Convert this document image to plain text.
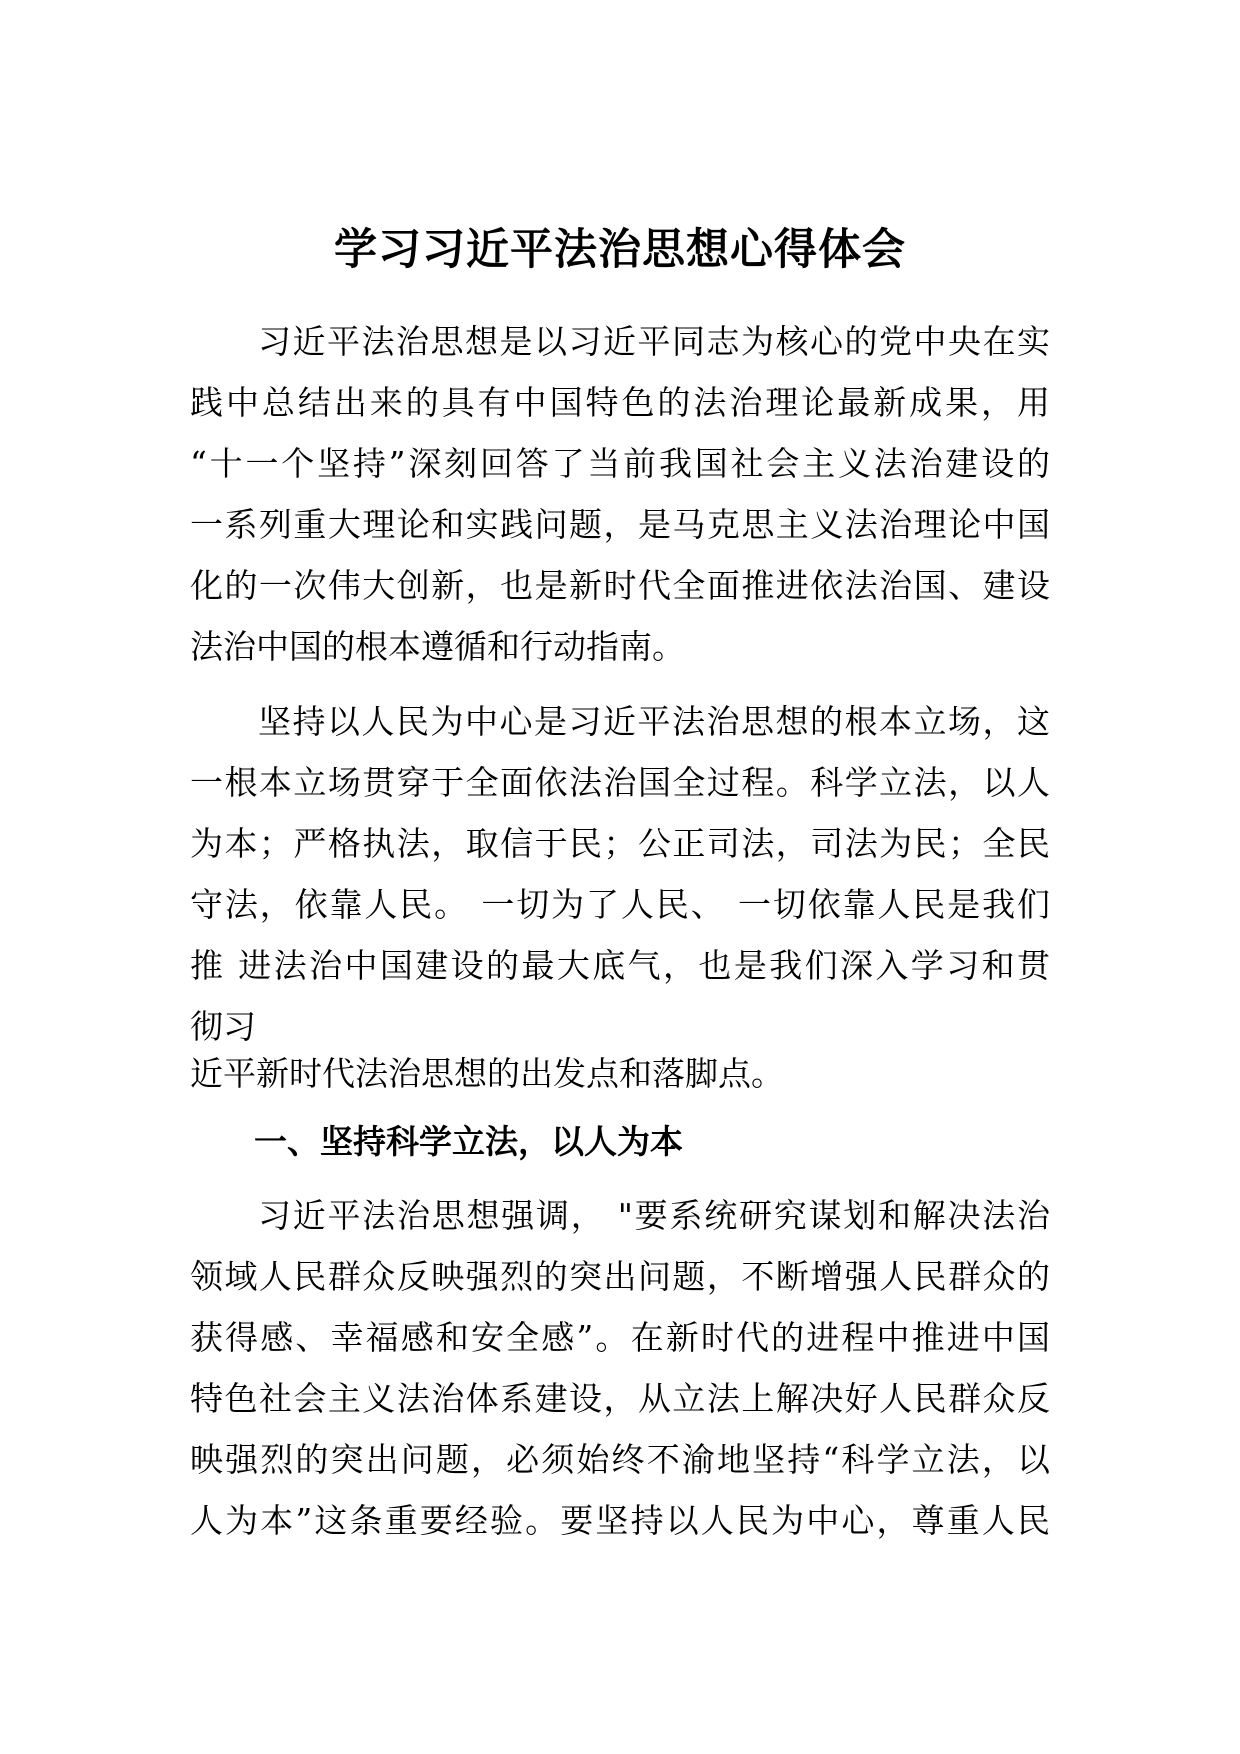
学习习近平法治思想心得体会
习近平法治思想是以习近平同志为核心的党中央在实
践中总结出来的具有中国特色的法治理论最新成果，用
“十一个坚持”深刻回答了当前我国社会主义法治建设的
一系列重大理论和实践问题，是马克思主义法治理论中国
化的一次伟大创新，也是新时代全面推进依法治国、建设
法治中国的根本遵循和行动指南。
坚持以人民为中心是习近平法治思想的根本立场，这
一根本立场贯穿于全面依法治国全过程。科学立法，以人
为本；严格执法，取信于民；公正司法，司法为民；全民
守法，依靠人民。 一切为了人民、 一切依靠人民是我们
推 进法治中国建设的最大底气，也是我们深入学习和贯
彻习
近平新时代法治思想的出发点和落脚点。
一、坚持科学立法，以人为本
习近平法治思想强调， "要系统研究谋划和解决法治
领域人民群众反映强烈的突出问题，不断增强人民群众的
获得感、幸福感和安全感”。在新时代的进程中推进中国
特色社会主义法治体系建设，从立法上解决好人民群众反
映强烈的突出问题，必须始终不渝地坚持“科学立法，以
人为本”这条重要经验。要坚持以人民为中心，尊重人民
